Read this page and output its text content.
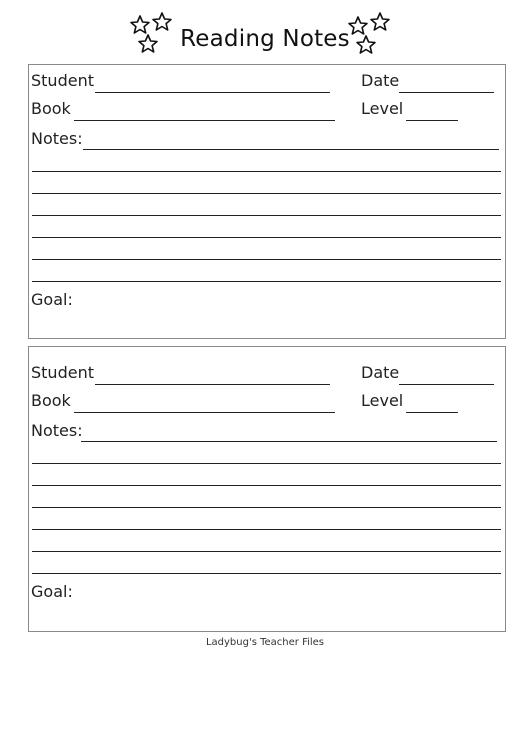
Reading Notes
Student	Date
Book	Level
Notes:
Goal:
Student	Date
Book	Level
Notes:
Goal:
Ladybug's Teacher Files
